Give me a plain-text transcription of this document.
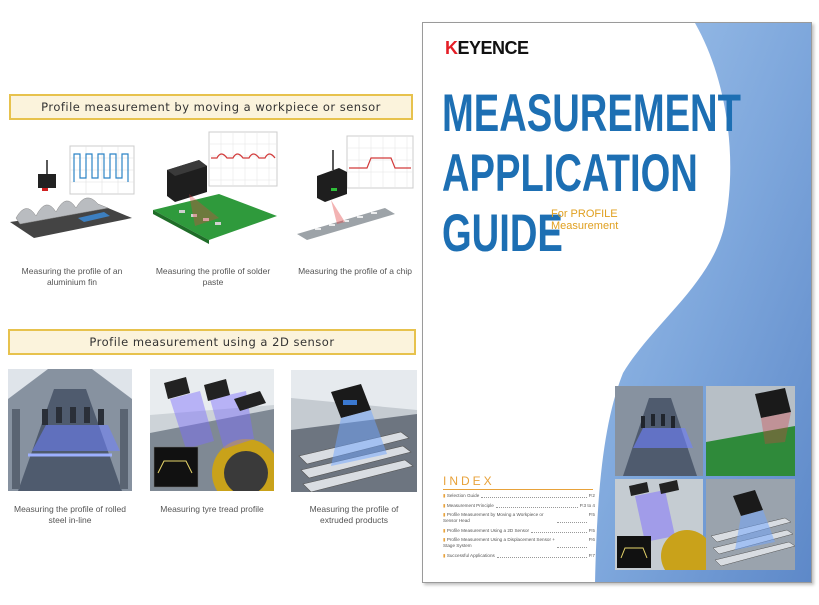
Profile measurement by moving a workpiece or sensor
Measuring the profile of an
aluminium fin
Measuring the profile of solder
paste
Measuring the profile of a chip
Profile measurement using a 2D sensor
Measuring the profile of rolled
steel in-line
Measuring tyre tread profile	Measuring the profile of
extruded products
KEYENCE
MEASUREMENT
APPLICATION
GUIDE
For PROFILE
Measurement
INDEX
▮ Selection Guide	P.2
▮ Measurement Principle	P.3 to 4
▮ Profile Measurement by Moving a Workpiece or Sensor Head
P.5
▮ Profile Measurement Using a 2D Sensor	P.5
▮ Profile Measurement Using a Displacement Sensor + Stage System
P.6
▮ Successful Applications	P.7
